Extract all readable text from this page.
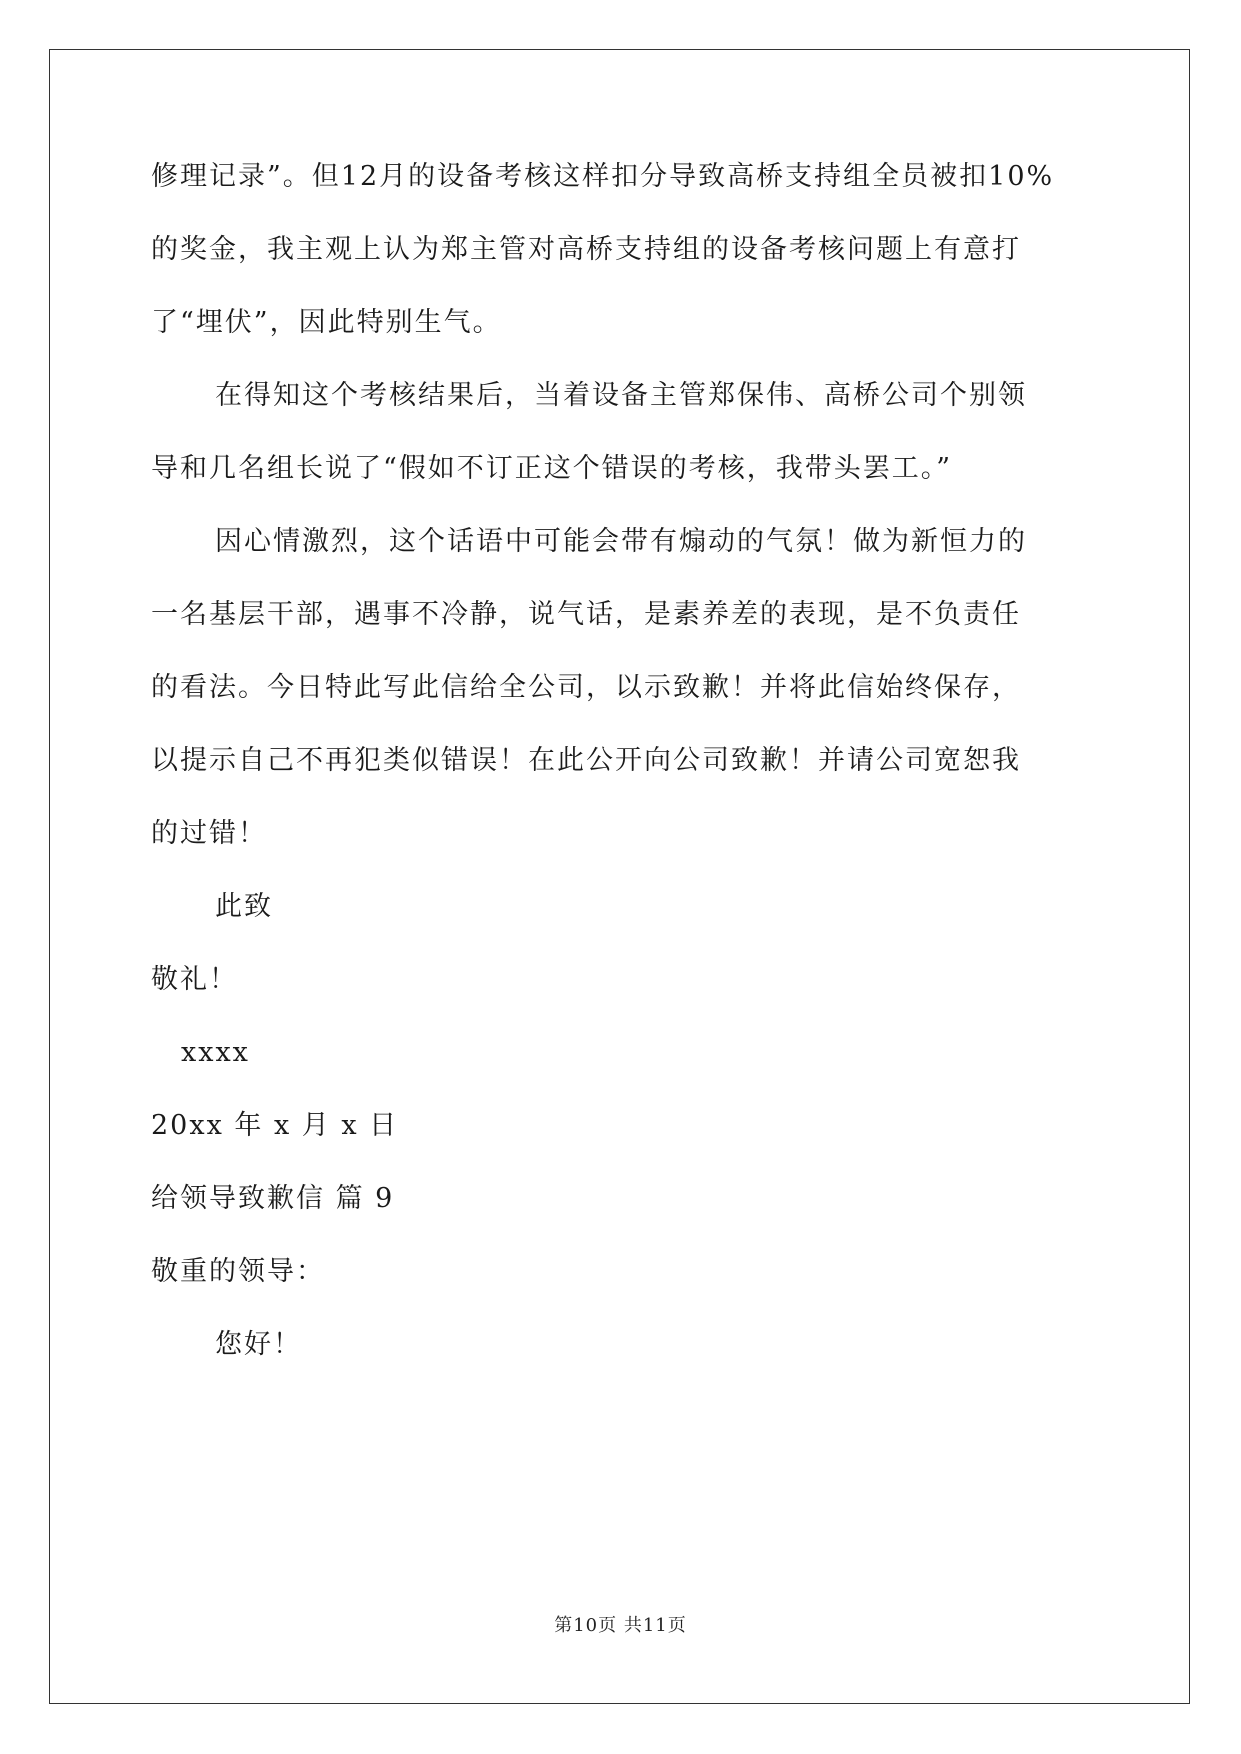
修理记录”。但12月的设备考核这样扣分导致高桥支持组全员被扣10%
的奖金，我主观上认为郑主管对高桥支持组的设备考核问题上有意打
了“埋伏”，因此特别生气。
在得知这个考核结果后，当着设备主管郑保伟、高桥公司个别领
导和几名组长说了“假如不订正这个错误的考核，我带头罢工。”
因心情激烈，这个话语中可能会带有煽动的气氛！做为新恒力的
一名基层干部，遇事不冷静，说气话，是素养差的表现，是不负责任
的看法。今日特此写此信给全公司，以示致歉！并将此信始终保存，
以提示自己不再犯类似错误！在此公开向公司致歉！并请公司宽恕我
的过错！
此致
敬礼！
xxxx
20xx 年 x 月 x 日
给领导致歉信 篇 9
敬重的领导：
您好！
第10页 共11页
